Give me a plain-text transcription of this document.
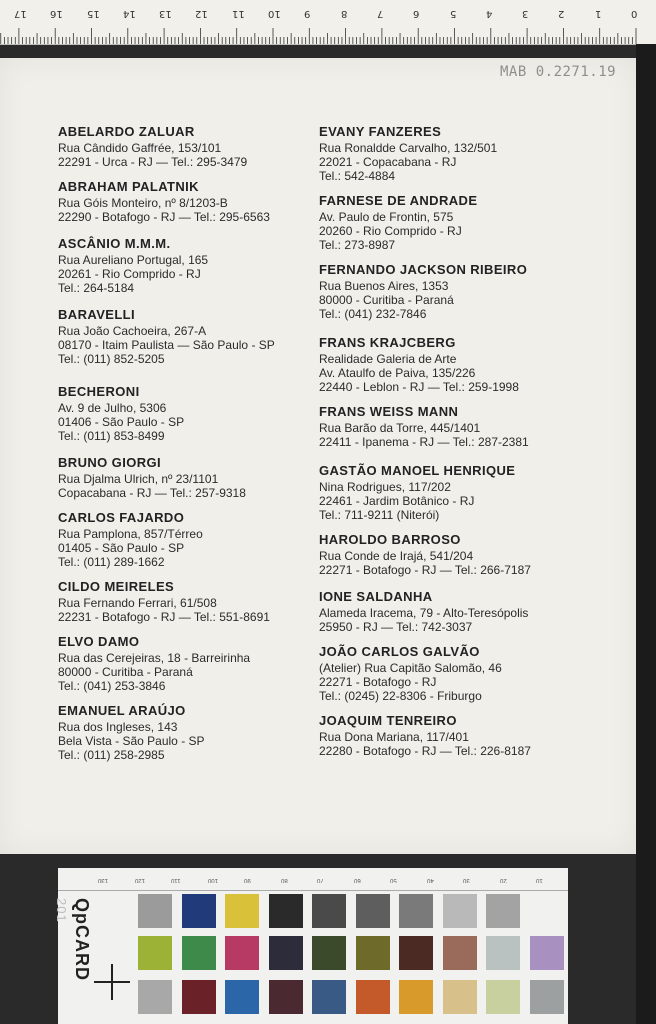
17 16 15 14 13 12 11 10 9	8	7	6	5	4	3	2	1	0
MAB 0.2271.19
ABELARDO ZALUAR
Rua Cândido Gaffrée, 153/101
22291 - Urca - RJ — Tel.: 295-3479
ABRAHAM PALATNIK
Rua Góis Monteiro, nº 8/1203-B
22290 - Botafogo - RJ — Tel.: 295-6563
ASCÂNIO M.M.M.
Rua Aureliano Portugal, 165
20261 - Rio Comprido - RJ
Tel.: 264-5184
BARAVELLI
Rua João Cachoeira, 267-A
08170 - Itaim Paulista — São Paulo - SP
Tel.: (011) 852-5205
BECHERONI
Av. 9 de Julho, 5306
01406 - São Paulo - SP
Tel.: (011) 853-8499
BRUNO GIORGI
Rua Djalma Ulrich, nº 23/1101
Copacabana - RJ — Tel.: 257-9318
CARLOS FAJARDO
Rua Pamplona, 857/Térreo
01405 - São Paulo - SP
Tel.: (011) 289-1662
CILDO MEIRELES
Rua Fernando Ferrari, 61/508
22231 - Botafogo - RJ — Tel.: 551-8691
ELVO DAMO
Rua das Cerejeiras, 18 - Barreirinha
80000 - Curitiba - Paraná
Tel.: (041) 253-3846
EMANUEL ARAÚJO
Rua dos Ingleses, 143
Bela Vista - São Paulo - SP
Tel.: (011) 258-2985
EVANY FANZERES
Rua Ronaldde Carvalho, 132/501
22021 - Copacabana - RJ
Tel.: 542-4884
FARNESE DE ANDRADE
Av. Paulo de Frontin, 575
20260 - Rio Comprido - RJ
Tel.: 273-8987
FERNANDO JACKSON RIBEIRO
Rua Buenos Aires, 1353
80000 - Curitiba - Paraná
Tel.: (041) 232-7846
FRANS KRAJCBERG
Realidade Galeria de Arte
Av. Ataulfo de Paiva, 135/226
22440 - Leblon - RJ — Tel.: 259-1998
FRANS WEISS MANN
Rua Barão da Torre, 445/1401
22411 - Ipanema - RJ — Tel.: 287-2381
GASTÃO MANOEL HENRIQUE
Nina Rodrigues, 117/202
22461 - Jardim Botânico - RJ
Tel.: 711-9211 (Niterói)
HAROLDO BARROSO
Rua Conde de Irajá, 541/204
22271 - Botafogo - RJ — Tel.: 266-7187
IONE SALDANHA
Alameda Iracema, 79 - Alto-Teresópolis
25950 - RJ — Tel.: 742-3037
JOÃO CARLOS GALVÃO
(Atelier) Rua Capitão Salomão, 46
22271 - Botafogo - RJ
Tel.: (0245) 22-8306 - Friburgo
JOAQUIM TENREIRO
Rua Dona Mariana, 117/401
22280 - Botafogo - RJ — Tel.: 226-8187
130	120	110	100	90	80	70	60	50	40	30	20	10
QpCARD 201
